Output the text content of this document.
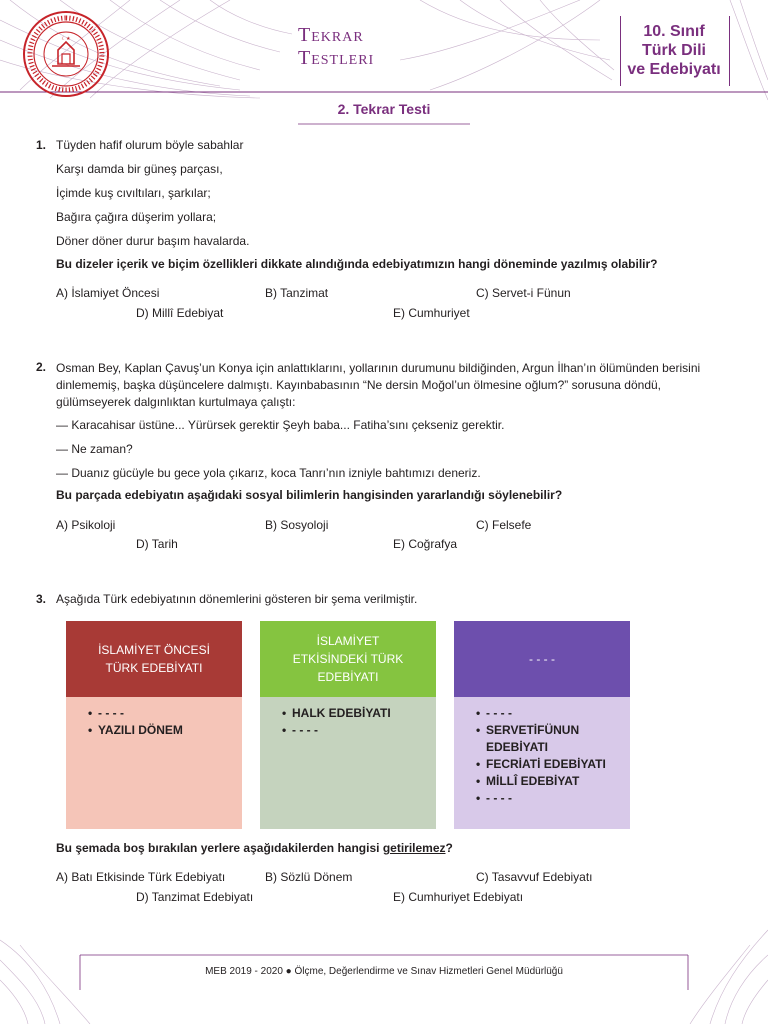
☾★	Tekrar
Testleri
10. Sınıf
Türk Dili
ve Edebiyatı
2. Tekrar Testi
1. Tüyden hafif olurum böyle sabahlar
Karşı damda bir güneş parçası,
İçimde kuş cıvıltıları, şarkılar;
Bağıra çağıra düşerim yollara;
Döner döner durur başım havalarda.
Bu dizeler içerik ve biçim özellikleri dikkate alındığında edebiyatımızın hangi döneminde yazılmış olabilir?
A) İslamiyet Öncesi	B) Tanzimat	C) Servet-i Fünun
D) Millî Edebiyat	E) Cumhuriyet
2. Osman Bey, Kaplan Çavuş’un Konya için anlattıklarını, yollarının durumunu bildiğinden, Argun İlhan’ın ölümünden berisini dinlememiş, başka düşüncelere dalmıştı. Kayınbabasının “Ne dersin Moğol’un ölmesine oğlum?” sorusuna döndü, gülümseyerek dalgınlıktan kurtulmaya çalıştı:
— Karacahisar üstüne... Yürürsek gerektir Şeyh baba... Fatiha’sını çekseniz gerektir.
— Ne zaman?
— Duanız gücüyle bu gece yola çıkarız, koca Tanrı’nın izniyle bahtımızı deneriz.
Bu parçada edebiyatın aşağıdaki sosyal bilimlerin hangisinden yararlandığı söylenebilir?
A) Psikoloji	B) Sosyoloji	C) Felsefe
D) Tarih	E) Coğrafya
3. Aşağıda Türk edebiyatının dönemlerini gösteren bir şema verilmiştir.
İSLAMİYET ÖNCESİ TÜRK EDEBİYATI
• - - - -
• YAZILI DÖNEM
İSLAMİYET ETKİSİNDEKİ TÜRK EDEBİYATI
• HALK EDEBİYATI
• - - - -
- - - -
• - - - -
• SERVETİFÜNUN
EDEBİYATI
• FECRİATİ EDEBİYATI
• MİLLÎ EDEBİYAT
• - - - -
Bu şemada boş bırakılan yerlere aşağıdakilerden hangisi getirilemez?
A) Batı Etkisinde Türk Edebiyatı	B) Sözlü Dönem	C) Tasavvuf Edebiyatı
D) Tanzimat Edebiyatı	E) Cumhuriyet Edebiyatı
MEB 2019 - 2020 ● Ölçme, Değerlendirme ve Sınav Hizmetleri Genel Müdürlüğü
